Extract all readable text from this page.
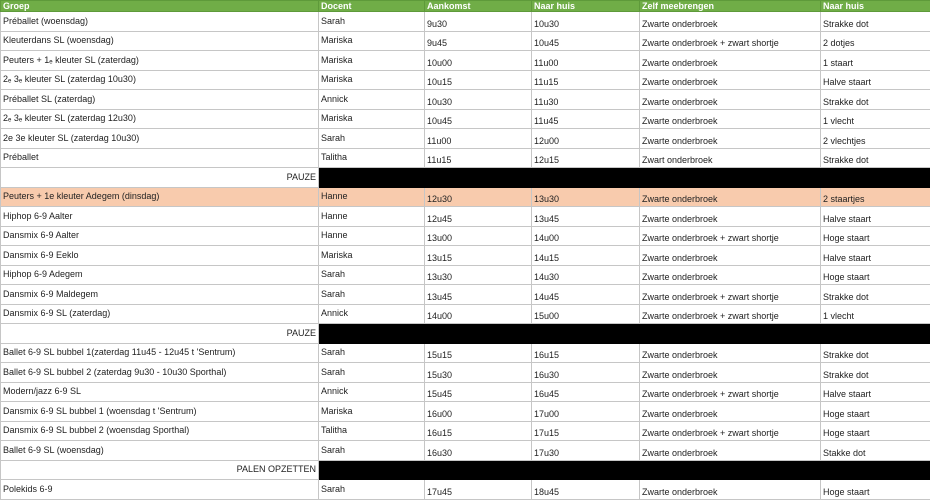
Groep	Docent	Aankomst	Naar huis	Zelf meebrengen	Naar huis
Préballet (woensdag)	Sarah	9u30	10u30	Zwarte onderbroek	Strakke dot
Kleuterdans SL (woensdag)	Mariska	9u45	10u45	Zwarte onderbroek + zwart shortje	2 dotjes
Peuters + 1ₑ kleuter SL (zaterdag)	Mariska	10u00	11u00	Zwarte onderbroek	1 staart
2ₑ 3ₑ kleuter SL (zaterdag 10u30)	Mariska	10u15	11u15	Zwarte onderbroek	Halve staart
Préballet SL (zaterdag)	Annick	10u30	11u30	Zwarte onderbroek	Strakke dot
2ₑ 3ₑ kleuter SL (zaterdag 12u30)	Mariska	10u45	11u45	Zwarte onderbroek	1 vlecht
2e 3e kleuter SL (zaterdag 10u30)	Sarah	11u00	12u00	Zwarte onderbroek	2 vlechtjes
Préballet	Talitha	11u15	12u15	Zwart onderbroek	Strakke dot
PAUZE					
Peuters + 1e kleuter Adegem (dinsdag)	Hanne	12u30	13u30	Zwarte onderbroek	2 staartjes
Hiphop 6-9 Aalter	Hanne	12u45	13u45	Zwarte onderbroek	Halve staart
Dansmix 6-9 Aalter	Hanne	13u00	14u00	Zwarte onderbroek + zwart shortje	Hoge staart
Dansmix 6-9 Eeklo	Mariska	13u15	14u15	Zwarte onderbroek	Halve staart
Hiphop 6-9 Adegem	Sarah	13u30	14u30	Zwarte onderbroek	Hoge staart
Dansmix 6-9 Maldegem	Sarah	13u45	14u45	Zwarte onderbroek + zwart shortje	Strakke dot
Dansmix 6-9 SL (zaterdag)	Annick	14u00	15u00	Zwarte onderbroek + zwart shortje	1 vlecht
PAUZE					
Ballet 6-9 SL bubbel 1(zaterdag 11u45 - 12u45 t 'Sentrum)	Sarah	15u15	16u15	Zwarte onderbroek	Strakke dot
Ballet 6-9 SL bubbel 2 (zaterdag 9u30 - 10u30 Sporthal)	Sarah	15u30	16u30	Zwarte onderbroek	Strakke dot
Modern/jazz 6-9 SL	Annick	15u45	16u45	Zwarte onderbroek + zwart shortje	Halve staart
Dansmix 6-9 SL bubbel 1 (woensdag t 'Sentrum)	Mariska	16u00	17u00	Zwarte onderbroek	Hoge staart
Dansmix 6-9 SL bubbel 2 (woensdag Sporthal)	Talitha	16u15	17u15	Zwarte onderbroek + zwart shortje	Hoge staart
Ballet 6-9 SL (woensdag)	Sarah	16u30	17u30	Zwarte onderbroek	Stakke dot
PALEN OPZETTEN					
Polekids 6-9	Sarah	17u45	18u45	Zwarte onderbroek	Hoge staart
